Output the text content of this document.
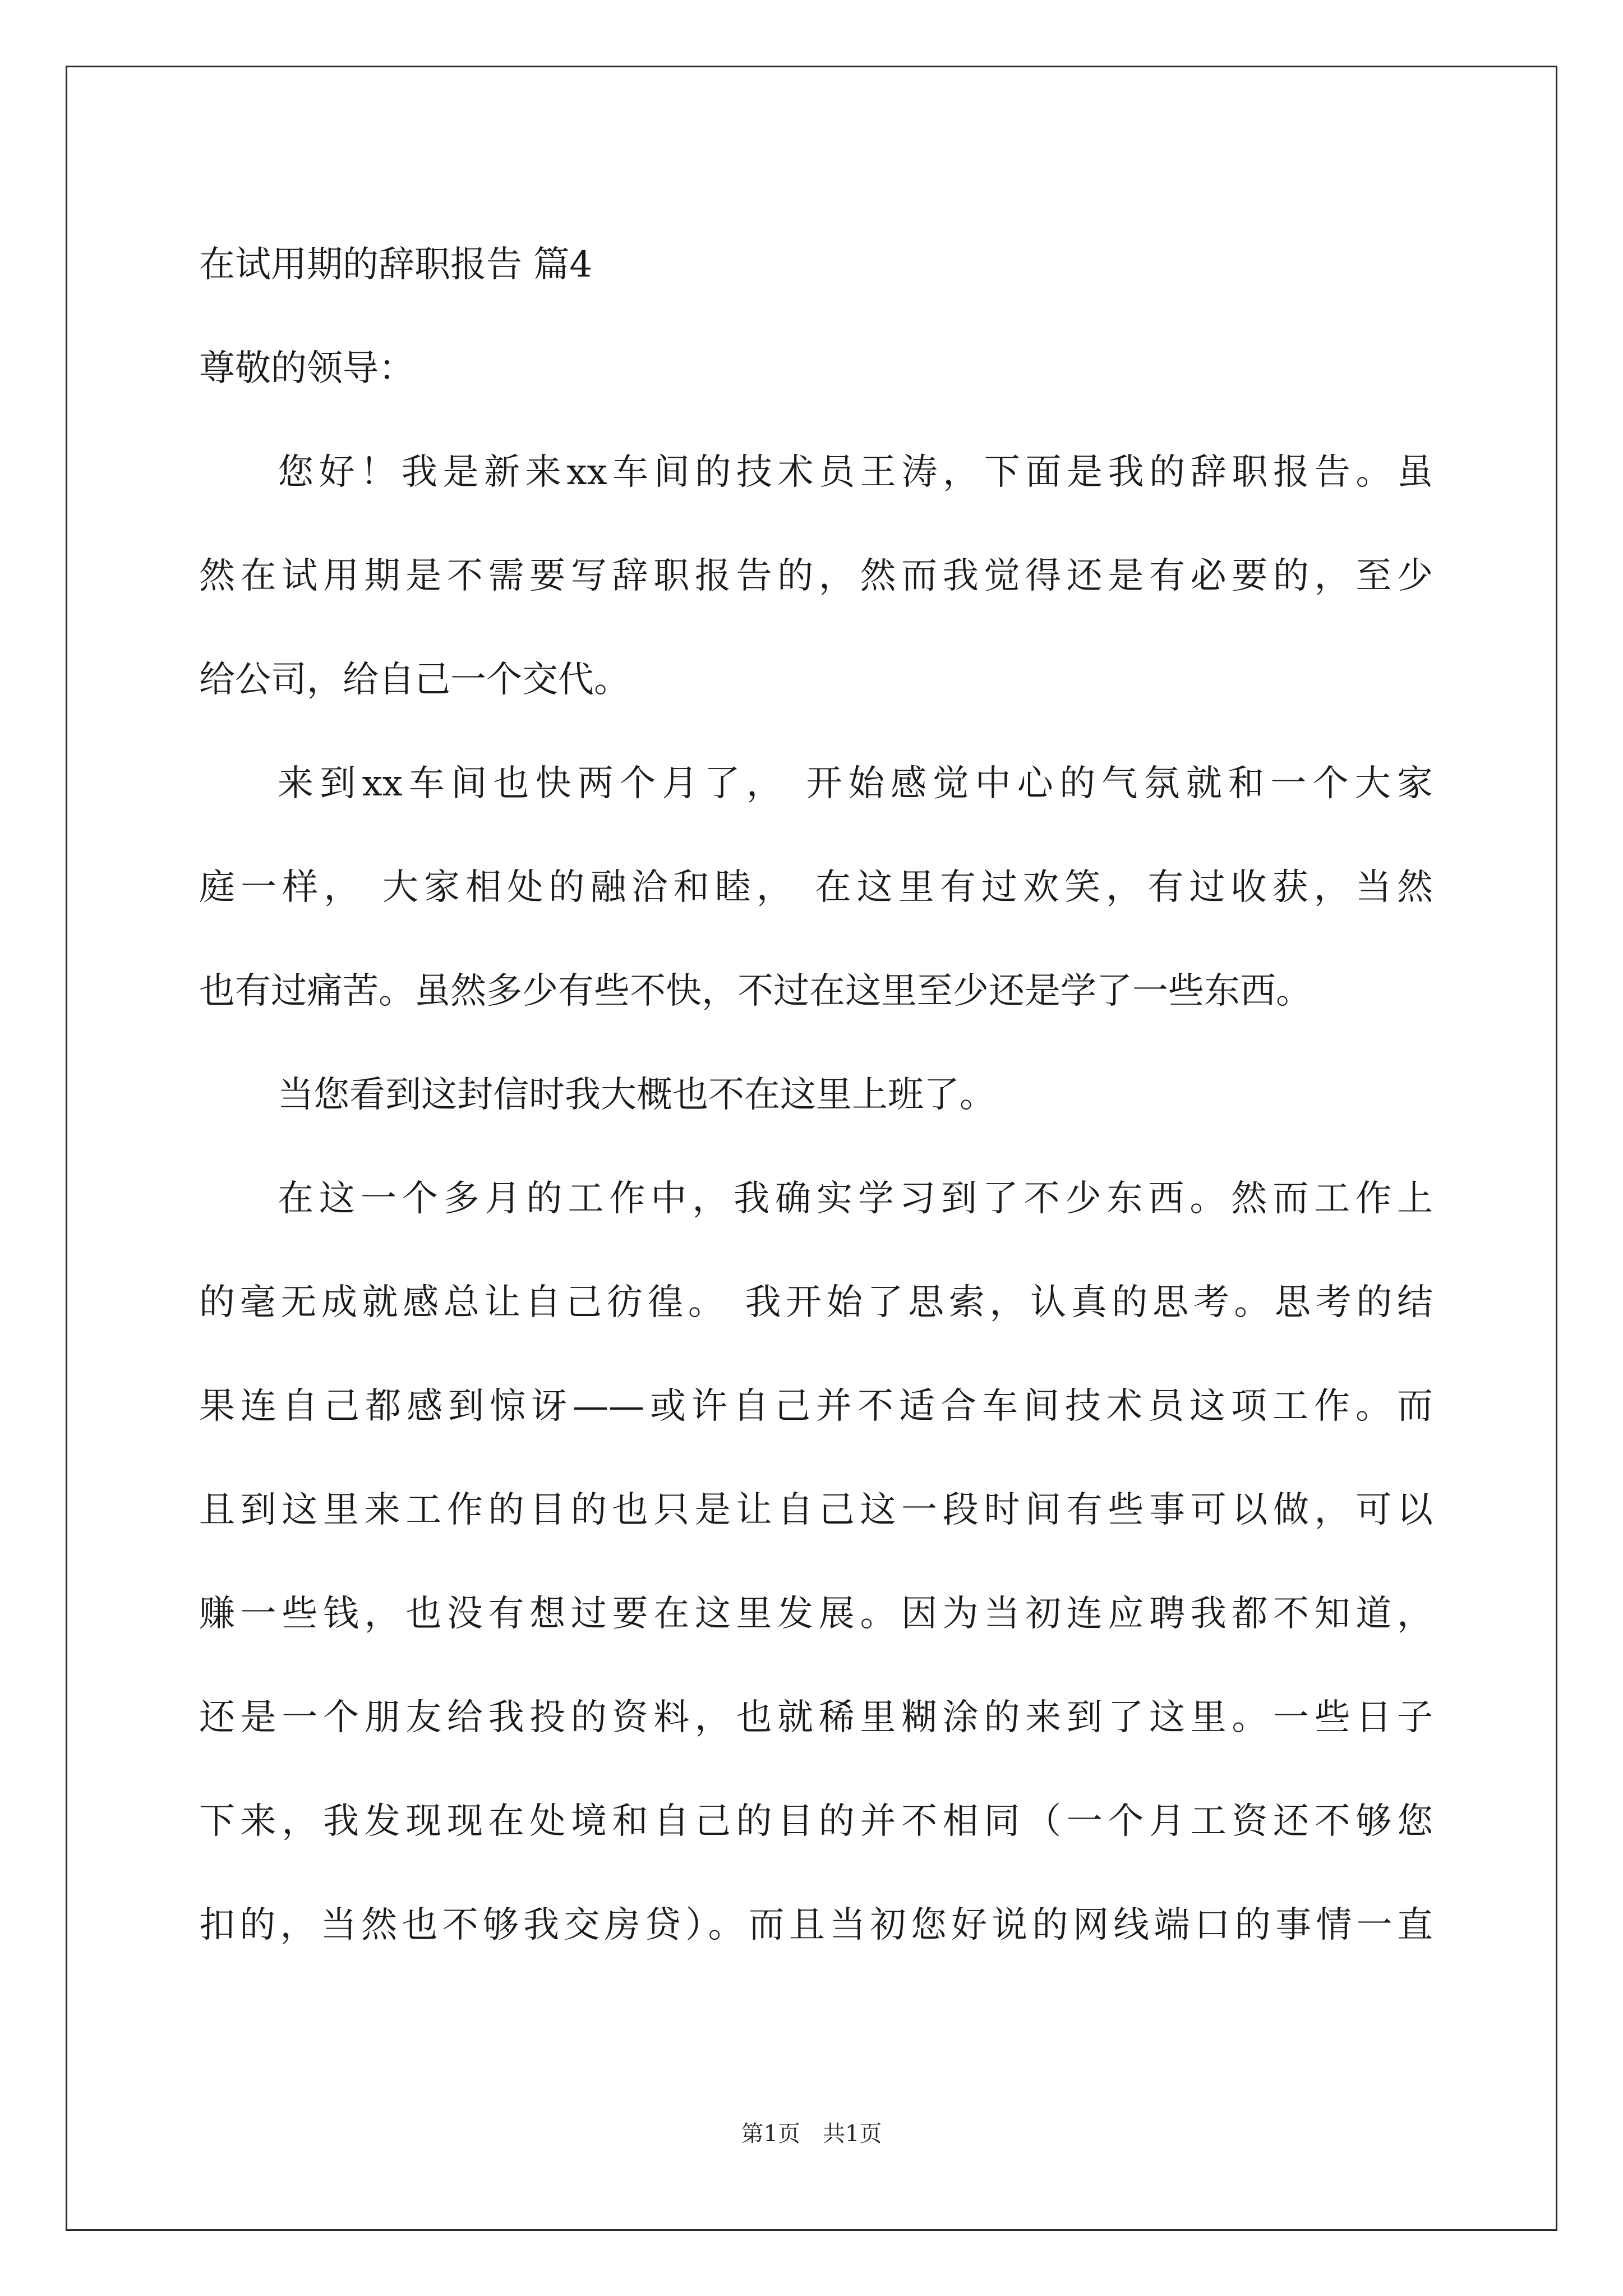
在试用期的辞职报告 篇4
尊敬的领导：
您好！我是新来xx车间的技术员王涛，下面是我的辞职报告。虽
然在试用期是不需要写辞职报告的，然而我觉得还是有必要的，至少
给公司，给自己一个交代。
来到xx车间也快两个月了， 开始感觉中心的气氛就和一个大家
庭一样， 大家相处的融洽和睦， 在这里有过欢笑，有过收获，当然
也有过痛苦。虽然多少有些不快，不过在这里至少还是学了一些东西。
当您看到这封信时我大概也不在这里上班了。
在这一个多月的工作中，我确实学习到了不少东西。然而工作上
的毫无成就感总让自己彷徨。 我开始了思索，认真的思考。思考的结
果连自己都感到惊讶——或许自己并不适合车间技术员这项工作。而
且到这里来工作的目的也只是让自己这一段时间有些事可以做，可以
赚一些钱，也没有想过要在这里发展。因为当初连应聘我都不知道，
还是一个朋友给我投的资料，也就稀里糊涂的来到了这里。一些日子
下来，我发现现在处境和自己的目的并不相同（一个月工资还不够您
扣的，当然也不够我交房贷）。而且当初您好说的网线端口的事情一直
第1页　共1页
